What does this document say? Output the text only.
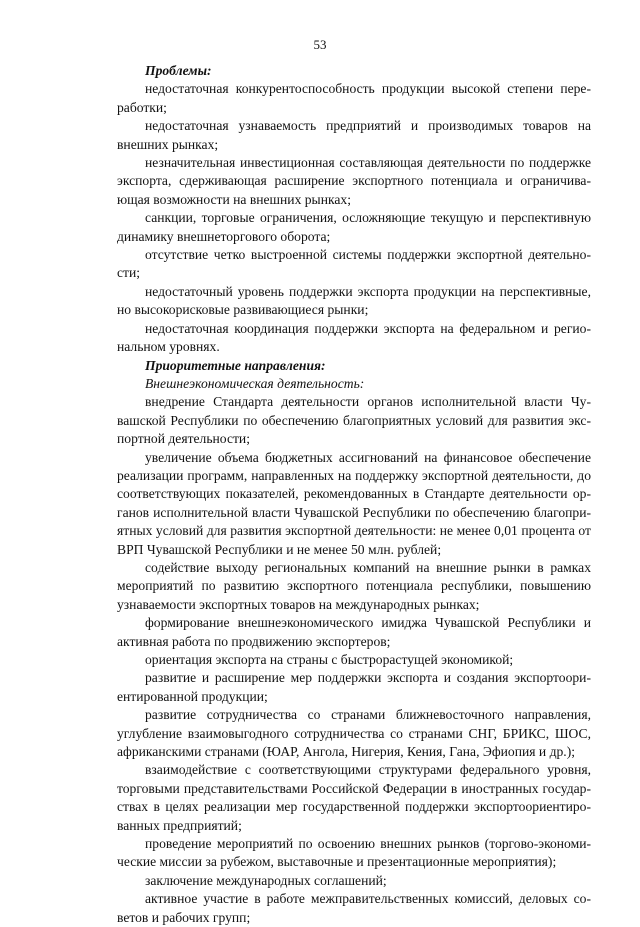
53

Проблемы:

недостаточная конкурентоспособность продукции высокой степени переработки;

недостаточная узнаваемость предприятий и производимых товаров на внешних рынках;

незначительная инвестиционная составляющая деятельности по поддержке экспорта, сдерживающая расширение экспортного потенциала и ограничивающая возможности на внешних рынках;

санкции, торговые ограничения, осложняющие текущую и перспективную динамику внешнеторгового оборота;

отсутствие четко выстроенной системы поддержки экспортной деятельности;

недостаточный уровень поддержки экспорта продукции на перспективные, но высокорисковые развивающиеся рынки;

недостаточная координация поддержки экспорта на федеральном и региональном уровнях.

Приоритетные направления:

Внешнеэкономическая деятельность:

внедрение Стандарта деятельности органов исполнительной власти Чувашской Республики по обеспечению благоприятных условий для развития экспортной деятельности;

увеличение объема бюджетных ассигнований на финансовое обеспечение реализации программ, направленных на поддержку экспортной деятельности, до соответствующих показателей, рекомендованных в Стандарте деятельности органов исполнительной власти Чувашской Республики по обеспечению благоприятных условий для развития экспортной деятельности: не менее 0,01 процента от ВРП Чувашской Республики и не менее 50 млн. рублей;

содействие выходу региональных компаний на внешние рынки в рамках мероприятий по развитию экспортного потенциала республики, повышению узнаваемости экспортных товаров на международных рынках;

формирование внешнеэкономического имиджа Чувашской Республики и активная работа по продвижению экспортеров;

ориентация экспорта на страны с быстрорастущей экономикой;

развитие и расширение мер поддержки экспорта и создания экспортоориентированной продукции;

развитие сотрудничества со странами ближневосточного направления, углубление взаимовыгодного сотрудничества со странами СНГ, БРИКС, ШОС, африканскими странами (ЮАР, Ангола, Нигерия, Кения, Гана, Эфиопия и др.);

взаимодействие с соответствующими структурами федерального уровня, торговыми представительствами Российской Федерации в иностранных государствах в целях реализации мер государственной поддержки экспортоориентированных предприятий;

проведение мероприятий по освоению внешних рынков (торгово-экономические миссии за рубежом, выставочные и презентационные мероприятия);

заключение международных соглашений;

активное участие в работе межправительственных комиссий, деловых советов и рабочих групп;
